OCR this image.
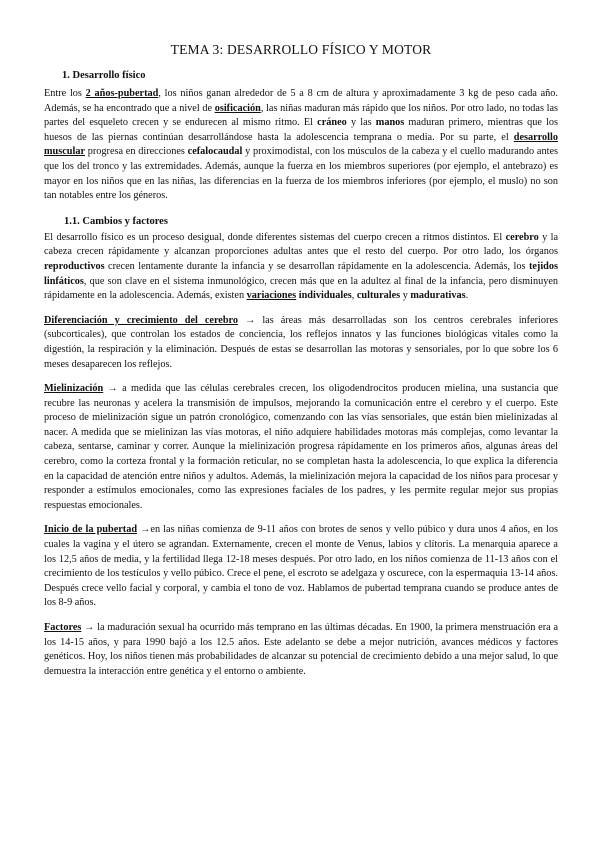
TEMA 3: DESARROLLO FÍSICO Y MOTOR
1. Desarrollo físico

Entre los 2 años-pubertad, los niños ganan alrededor de 5 a 8 cm de altura y aproximadamente 3 kg de peso cada año. Además, se ha encontrado que a nivel de osificación, las niñas maduran más rápido que los niños. Por otro lado, no todas las partes del esqueleto crecen y se endurecen al mismo ritmo. El cráneo y las manos maduran primero, mientras que los huesos de las piernas continúan desarrollándose hasta la adolescencia temprana o media. Por su parte, el desarrollo muscular progresa en direcciones cefalocaudal y proximodistal, con los músculos de la cabeza y el cuello madurando antes que los del tronco y las extremidades. Además, aunque la fuerza en los miembros superiores (por ejemplo, el antebrazo) es mayor en los niños que en las niñas, las diferencias en la fuerza de los miembros inferiores (por ejemplo, el muslo) no son tan notables entre los géneros.

1.1. Cambios y factores

El desarrollo físico es un proceso desigual, donde diferentes sistemas del cuerpo crecen a ritmos distintos. El cerebro y la cabeza crecen rápidamente y alcanzan proporciones adultas antes que el resto del cuerpo. Por otro lado, los órganos reproductivos crecen lentamente durante la infancia y se desarrollan rápidamente en la adolescencia. Además, los tejidos linfáticos, que son clave en el sistema inmunológico, crecen más que en la adultez al final de la infancia, pero disminuyen rápidamente en la adolescencia. Además, existen variaciones individuales, culturales y madurativas.

Diferenciación y crecimiento del cerebro → las áreas más desarrolladas son los centros cerebrales inferiores (subcorticales), que controlan los estados de conciencia, los reflejos innatos y las funciones biológicas vitales como la digestión, la respiración y la eliminación. Después de estas se desarrollan las motoras y sensoriales, por lo que sobre los 6 meses desaparecen los reflejos.

Mielinización → a medida que las células cerebrales crecen, los oligodendrocitos producen mielina, una sustancia que recubre las neuronas y acelera la transmisión de impulsos, mejorando la comunicación entre el cerebro y el cuerpo. Este proceso de mielinización sigue un patrón cronológico, comenzando con las vías sensoriales, que están bien mielinizadas al nacer. A medida que se mielinizan las vías motoras, el niño adquiere habilidades motoras más complejas, como levantar la cabeza, sentarse, caminar y correr. Aunque la mielinización progresa rápidamente en los primeros años, algunas áreas del cerebro, como la corteza frontal y la formación reticular, no se completan hasta la adolescencia, lo que explica la diferencia en la capacidad de atención entre niños y adultos. Además, la mielinización mejora la capacidad de los niños para procesar y responder a estímulos emocionales, como las expresiones faciales de los padres, y les permite regular mejor sus propias respuestas emocionales.

Inicio de la pubertad →en las niñas comienza de 9-11 años con brotes de senos y vello púbico y dura unos 4 años, en los cuales la vagina y el útero se agrandan. Externamente, crecen el monte de Venus, labios y clítoris. La menarquia aparece a los 12,5 años de media, y la fertilidad llega 12-18 meses después. Por otro lado, en los niños comienza de 11-13 años con el crecimiento de los testículos y vello púbico. Crece el pene, el escroto se adelgaza y oscurece, con la espermaquia 13-14 años. Después crece vello facial y corporal, y cambia el tono de voz. Hablamos de pubertad temprana cuando se produce antes de los 8-9 años.

Factores → la maduración sexual ha ocurrido más temprano en las últimas décadas. En 1900, la primera menstruación era a los 14-15 años, y para 1990 bajó a los 12.5 años. Este adelanto se debe a mejor nutrición, avances médicos y factores genéticos. Hoy, los niños tienen más probabilidades de alcanzar su potencial de crecimiento debido a una mejor salud, lo que demuestra la interacción entre genética y el entorno o ambiente.
